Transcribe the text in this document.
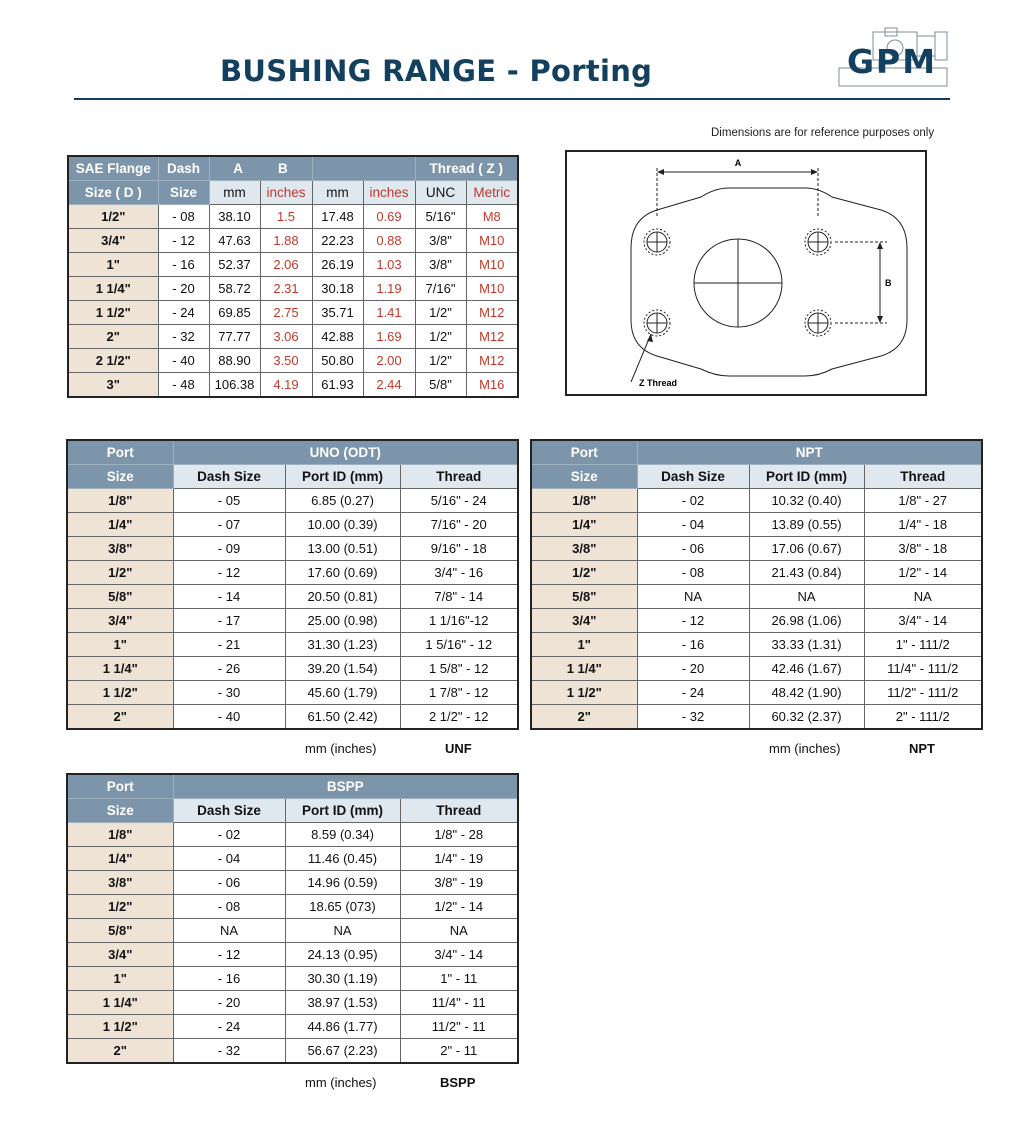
BUSHING RANGE - Porting	GPM
Dimensions are for reference purposes only
SAE Flange	Dash	A B				Thread ( Z )	
Size ( D )	Size	mm	inches	mm	inches	UNC	Metric
1/2"	- 08	38.10	1.5	17.48	0.69	5/16"	M8
3/4"	- 12	47.63	1.88	22.23	0.88	3/8"	M10
1"	- 16	52.37	2.06	26.19	1.03	3/8"	M10
1 1/4"	- 20	58.72	2.31	30.18	1.19	7/16"	M10
1 1/2"	- 24	69.85	2.75	35.71	1.41	1/2"	M12
2"	- 32	77.77	3.06	42.88	1.69	1/2"	M12
2 1/2"	- 40	88.90	3.50	50.80	2.00	1/2"	M12
3"	- 48	106.38	4.19	61.93	2.44	5/8"	M16
A
B
Z Thread
Port	UNO (ODT)		
Size	Dash Size	Port ID (mm)	Thread
1/8"	- 05	6.85 (0.27)	5/16" - 24
1/4"	- 07	10.00 (0.39)	7/16" - 20
3/8"	- 09	13.00 (0.51)	9/16" - 18
1/2"	- 12	17.60 (0.69)	3/4" - 16
5/8"	- 14	20.50 (0.81)	7/8" - 14
3/4"	- 17	25.00 (0.98)	1 1/16"-12
1"	- 21	31.30 (1.23)	1 5/16" - 12
1 1/4"	- 26	39.20 (1.54)	1 5/8" - 12
1 1/2"	- 30	45.60 (1.79)	1 7/8" - 12
2"	- 40	61.50 (2.42)	2 1/2" - 12
mm (inches)	UNF
Port	NPT		
Size	Dash Size	Port ID (mm)	Thread
1/8"	- 02	10.32 (0.40)	1/8" - 27
1/4"	- 04	13.89 (0.55)	1/4" - 18
3/8"	- 06	17.06 (0.67)	3/8" - 18
1/2"	- 08	21.43 (0.84)	1/2" - 14
5/8"	NA	NA	NA
3/4"	- 12	26.98 (1.06)	3/4" - 14
1"	- 16	33.33 (1.31)	1" - 111/2
1 1/4"	- 20	42.46 (1.67)	11/4" - 111/2
1 1/2"	- 24	48.42 (1.90)	11/2" - 111/2
2"	- 32	60.32 (2.37)	2" - 111/2
mm (inches)	NPT
Port	BSPP		
Size	Dash Size	Port ID (mm)	Thread
1/8"	- 02	8.59 (0.34)	1/8" - 28
1/4"	- 04	11.46 (0.45)	1/4" - 19
3/8"	- 06	14.96 (0.59)	3/8" - 19
1/2"	- 08	18.65 (073)	1/2" - 14
5/8"	NA	NA	NA
3/4"	- 12	24.13 (0.95)	3/4" - 14
1"	- 16	30.30 (1.19)	1" - 11
1 1/4"	- 20	38.97 (1.53)	11/4" - 11
1 1/2"	- 24	44.86 (1.77)	11/2" - 11
2"	- 32	56.67 (2.23)	2" - 11
mm (inches)	BSPP
